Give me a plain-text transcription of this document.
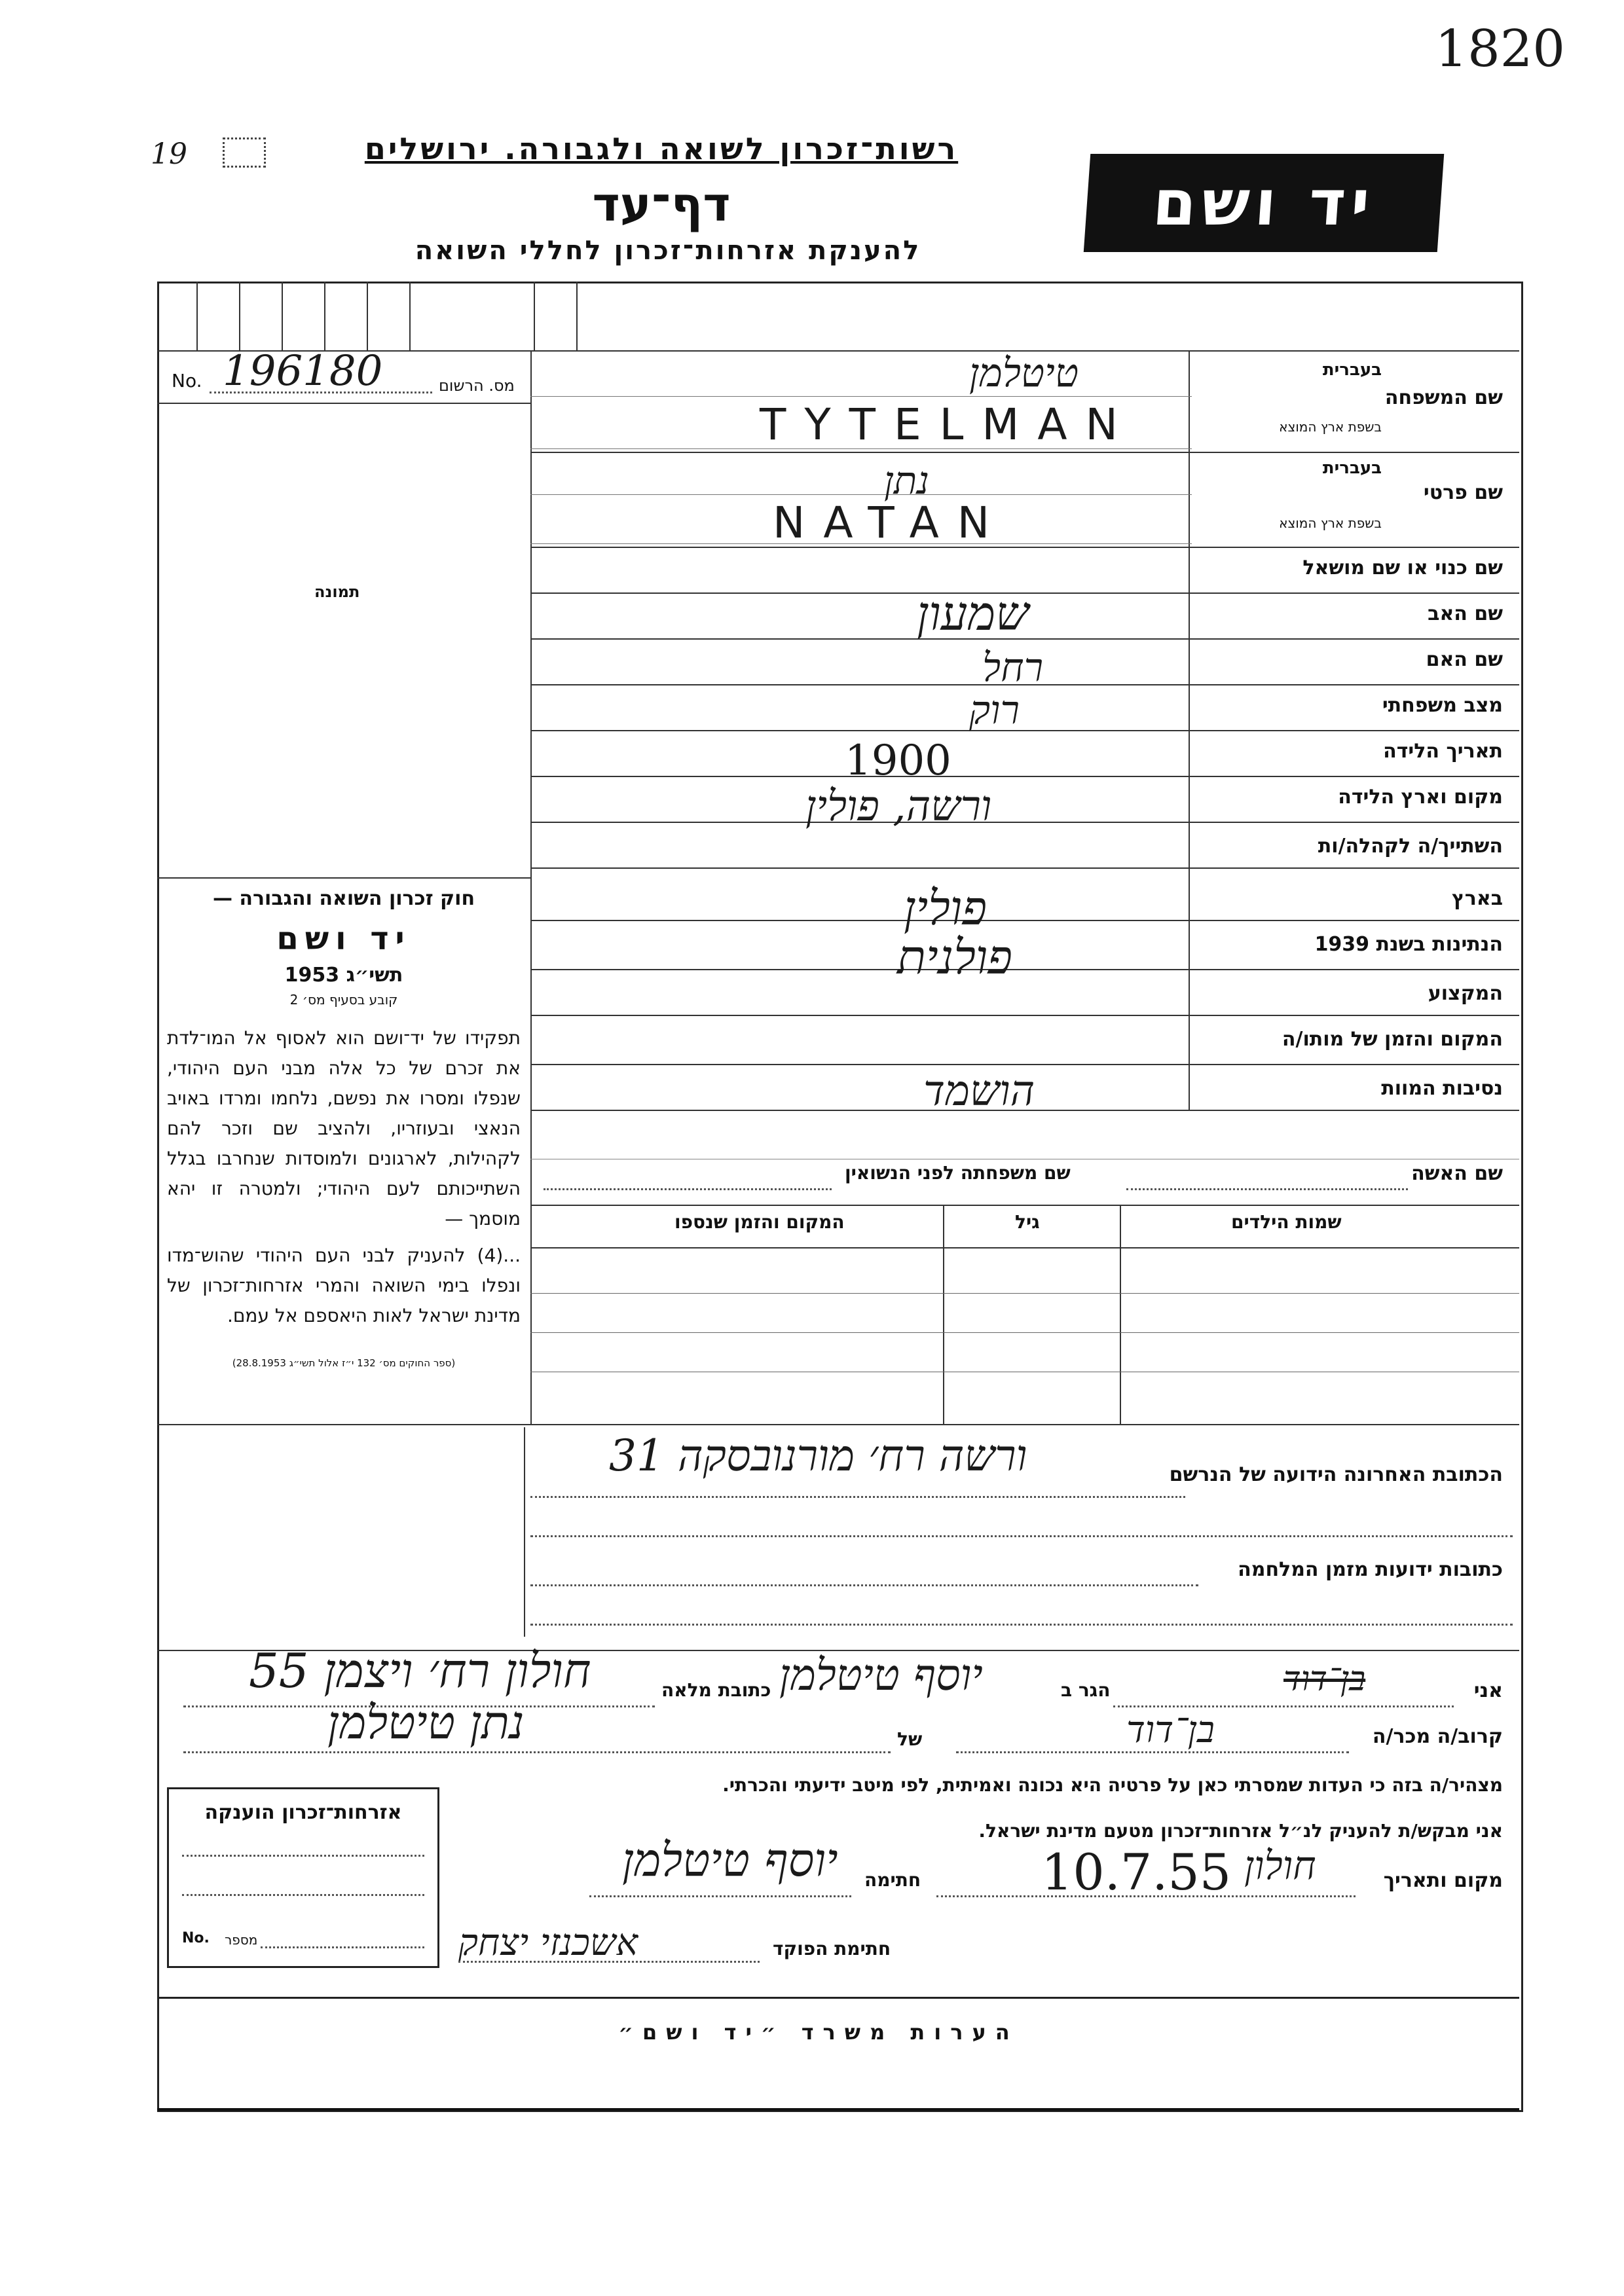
1820
19	רשות־זכרון לשואה ולגבורה. ירושלים
דף־עד
להענקת אזרחות־זכרון לחללי השואה
יד ושם
No. 196180	מס. הרשום
תמונה
חוק זכרון השואה והגבורה —
יד ושם
תשי״ג 1953
קובע בסעיף מס׳ 2
תפקידו של יד־ושם הוא לאסוף אל המו־לדת את זכרם של כל אלה מבני העם היהודי, שנפלו ומסרו את נפשם, נלחמו ומרדו באויב הנאצי ובעוזריו, ולהציב שם וזכר להם לקהילות, לארגונים ולמוסדות שנחרבו בגלל השתייכותם לעם היהודי; ולמטרה זו יהא מוסמך —
...(4) להעניק לבני העם היהודי שהוש־מדו ונפלו בימי השואה והמרי אזרחות־זכרון של מדינת ישראל לאות היאספם אל עמם.
(ספר החוקים מס׳ 132 י״ז אלול תשי״ג 28.8.1953)
שם המשפחה
בעברית
בשפת ארץ המוצא
טיטלמן
TYTELMAN
שם פרטי
בעברית
בשפת ארץ המוצא
נתן
NATAN
שם כנוי או שם מושאל
שם האב
שמעון
שם האם
רחל
מצב משפחתי
רוק
תאריך הלידה
1900
מקום וארץ הלידה
ורשה, פולין
השתייך/ה לקהלה/ות
בארץ
פולין
הנתינות בשנת 1939
פולנית
המקצוע
המקום והזמן של מותו/ה
נסיבות המוות
הושמד
שם האשה
שם משפחתה לפני הנשואין
שמות הילדים
גיל
המקום והזמן שנספו
הכתובת האחרונה הידועה של הנרשם
ורשה רח׳ מורנובסקה 31
כתובות ידועות מזמן המלחמה
אני
בן־דוד
הגר ב
יוסף טיטלמן
כתובת מלאה
חולון רח׳ ויצמן 55
קרוב/ה מכר/ה
בן־דוד
של
נתן טיטלמן
מצהיר/ה בזה כי העדות שמסרתי כאן על פרטיה היא נכונה ואמיתית, לפי מיטב ידיעתי והכרתי.
אני מבקש/ת להעניק לנ״ל אזרחות־זכרון מטעם מדינת ישראל.
מקום ותאריך
חולון
10.7.55
חתימה
יוסף טיטלמן
חתימת הפוקד
אשכנזי יצחק
אזרחות־זכרון הוענקה
No. מספר
הערות משרד ״יד ושם״
